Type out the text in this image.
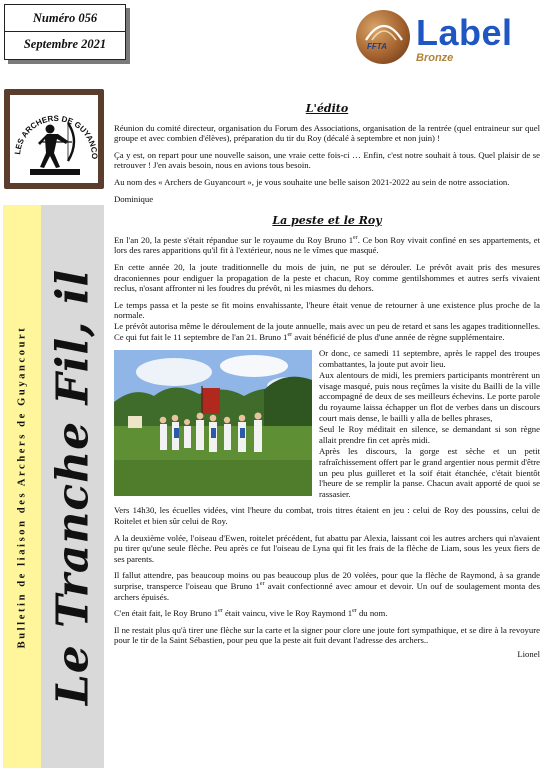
Numéro 056
Septembre 2021	FFTA Label
Bronze
LES ARCHERS DE GUYANC
Bulletin de liaison des Archers de Guyancourt Le Tranche Fil, il
L'édito

Réunion du comité directeur, organisation du Forum des Associations, organisation de la rentrée (quel entraineur sur quel groupe et avec combien d'élèves), préparation du tir du Roy (décalé à septembre et non juin) !

Ça y est, on repart pour une nouvelle saison, une vraie cette fois-ci … Enfin, c'est notre souhait à tous. Quel plaisir de se retrouver ! J'en avais besoin, nous en avions tous besoin.

Au nom des « Archers de Guyancourt », je vous souhaite une belle saison 2021-2022 au sein de notre association.

Dominique

La peste et le Roy

En l'an 20, la peste s'était répandue sur le royaume du Roy Bruno 1er. Ce bon Roy vivait confiné en ses appartements, et lors des rares apparitions qu'il fit à l'extérieur, nous ne le vîmes que masqué.

En cette année 20, la joute traditionnelle du mois de juin, ne put se dérouler. Le prévôt avait pris des mesures draconiennes pour endiguer la propagation de la peste et chacun, Roy comme gentilshommes et autres serfs vivaient reclus, n'osant affronter ni les foudres du prévôt, ni les miasmes du dehors.

Le temps passa et la peste se fit moins envahissante, l'heure était venue de retourner à une existence plus proche de la normale.

Le prévôt autorisa même le déroulement de la joute annuelle, mais avec un peu de retard et sans les agapes traditionnelles. Ce qui fut fait le 11 septembre de l'an 21. Bruno 1er avait bénéficié de plus d'une année de règne supplémentaire.

Or donc, ce samedi 11 septembre, après le rappel des troupes combattantes, la joute put avoir lieu.

Aux alentours de midi, les premiers participants montrèrent un visage masqué, puis nous reçûmes la visite du Bailli de la ville accompagné de deux de ses meilleurs échevins. Le porte parole du royaume laissa échapper un flot de verbes dans un discours court mais dense, le bailli y alla de belles phrases,

Seul le Roy méditait en silence, se demandant si son règne allait prendre fin cet après midi.

Après les discours, la gorge est sèche et un petit rafraîchissement offert par le grand argentier nous permit d'être un peu plus guilleret et la soif était étanchée, c'était bientôt l'heure de se remplir la panse. Chacun avait apporté de quoi se rassasier.

Vers 14h30, les écuelles vidées, vint l'heure du combat, trois titres étaient en jeu : celui de Roy des poussins, celui de Roitelet et bien sûr celui de Roy.

A la deuxième volée, l'oiseau d'Ewen, roitelet précédent, fut abattu par Alexia, laissant coi les autres archers qui n'avaient pu tirer qu'une seule flèche. Peu après ce fut l'oiseau de Lyna qui fit les frais de la flèche de Liam, sous les yeux fiers de ses parents.

Il fallut attendre, pas beaucoup moins ou pas beaucoup plus de 20 volées, pour que la flèche de Raymond, à sa grande surprise, transperce l'oiseau que Bruno 1er avait confectionné avec amour et devoir. Un ouf de soulagement monta des archers épuisés.

C'en était fait, le Roy Bruno 1er était vaincu, vive le Roy Raymond 1er du nom.

Il ne restait plus qu'à tirer une flèche sur la carte et la signer pour clore une joute fort sympathique, et se dire à la revoyure pour le tir de la Saint Sébastien, pour peu que la peste ait fuit devant l'adresse des archers..

Lionel
